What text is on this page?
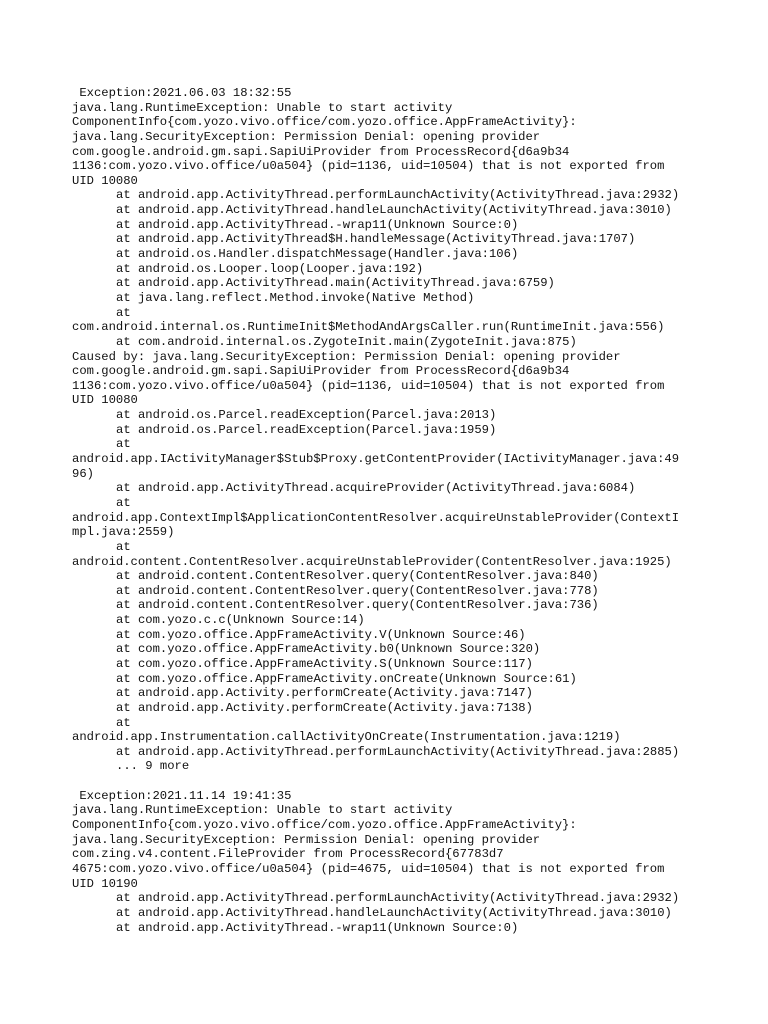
Exception:2021.06.03 18:32:55
java.lang.RuntimeException: Unable to start activity
ComponentInfo{com.yozo.vivo.office/com.yozo.office.AppFrameActivity}:
java.lang.SecurityException: Permission Denial: opening provider
com.google.android.gm.sapi.SapiUiProvider from ProcessRecord{d6a9b34
1136:com.yozo.vivo.office/u0a504} (pid=1136, uid=10504) that is not exported from
UID 10080
at android.app.ActivityThread.performLaunchActivity(ActivityThread.java:2932)
at android.app.ActivityThread.handleLaunchActivity(ActivityThread.java:3010)
at android.app.ActivityThread.-wrap11(Unknown Source:0)
at android.app.ActivityThread$H.handleMessage(ActivityThread.java:1707)
at android.os.Handler.dispatchMessage(Handler.java:106)
at android.os.Looper.loop(Looper.java:192)
at android.app.ActivityThread.main(ActivityThread.java:6759)
at java.lang.reflect.Method.invoke(Native Method)
at
com.android.internal.os.RuntimeInit$MethodAndArgsCaller.run(RuntimeInit.java:556)
at com.android.internal.os.ZygoteInit.main(ZygoteInit.java:875)
Caused by: java.lang.SecurityException: Permission Denial: opening provider
com.google.android.gm.sapi.SapiUiProvider from ProcessRecord{d6a9b34
1136:com.yozo.vivo.office/u0a504} (pid=1136, uid=10504) that is not exported from
UID 10080
at android.os.Parcel.readException(Parcel.java:2013)
at android.os.Parcel.readException(Parcel.java:1959)
at
android.app.IActivityManager$Stub$Proxy.getContentProvider(IActivityManager.java:49
96)
at android.app.ActivityThread.acquireProvider(ActivityThread.java:6084)
at
android.app.ContextImpl$ApplicationContentResolver.acquireUnstableProvider(ContextI
mpl.java:2559)
at
android.content.ContentResolver.acquireUnstableProvider(ContentResolver.java:1925)
at android.content.ContentResolver.query(ContentResolver.java:840)
at android.content.ContentResolver.query(ContentResolver.java:778)
at android.content.ContentResolver.query(ContentResolver.java:736)
at com.yozo.c.c(Unknown Source:14)
at com.yozo.office.AppFrameActivity.V(Unknown Source:46)
at com.yozo.office.AppFrameActivity.b0(Unknown Source:320)
at com.yozo.office.AppFrameActivity.S(Unknown Source:117)
at com.yozo.office.AppFrameActivity.onCreate(Unknown Source:61)
at android.app.Activity.performCreate(Activity.java:7147)
at android.app.Activity.performCreate(Activity.java:7138)
at
android.app.Instrumentation.callActivityOnCreate(Instrumentation.java:1219)
at android.app.ActivityThread.performLaunchActivity(ActivityThread.java:2885)
... 9 more
Exception:2021.11.14 19:41:35
java.lang.RuntimeException: Unable to start activity
ComponentInfo{com.yozo.vivo.office/com.yozo.office.AppFrameActivity}:
java.lang.SecurityException: Permission Denial: opening provider
com.zing.v4.content.FileProvider from ProcessRecord{67783d7
4675:com.yozo.vivo.office/u0a504} (pid=4675, uid=10504) that is not exported from
UID 10190
at android.app.ActivityThread.performLaunchActivity(ActivityThread.java:2932)
at android.app.ActivityThread.handleLaunchActivity(ActivityThread.java:3010)
at android.app.ActivityThread.-wrap11(Unknown Source:0)
